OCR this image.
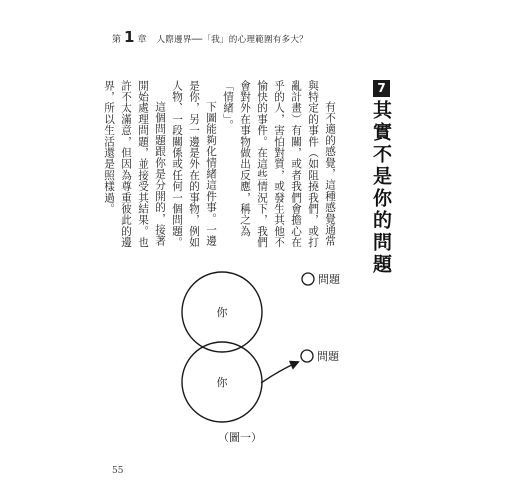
第 1 章 人際邊界──「我」的心理範圍有多大？
7
其實不是你的問題

有不適的感覺，這種感覺通常與特定的事件（如阻撓我們，或打亂計畫）有關，或者我們會擔心在乎的人，害怕對質，或發生其他不愉快的事件。在這些情況下，我們會對外在事物做出反應，稱之為「情緒」。

下圖能夠化情緒這件事。一邊是你，另一邊是外在的事物，例如人物、一段關係或任何一個問題。

這個問題跟你是分開的，接著開始處理問題，並接受其結果。也許不太滿意，但因為尊重彼此的邊界，所以生活還是照樣過。

你
問題
你
問題
（圖一）
55
